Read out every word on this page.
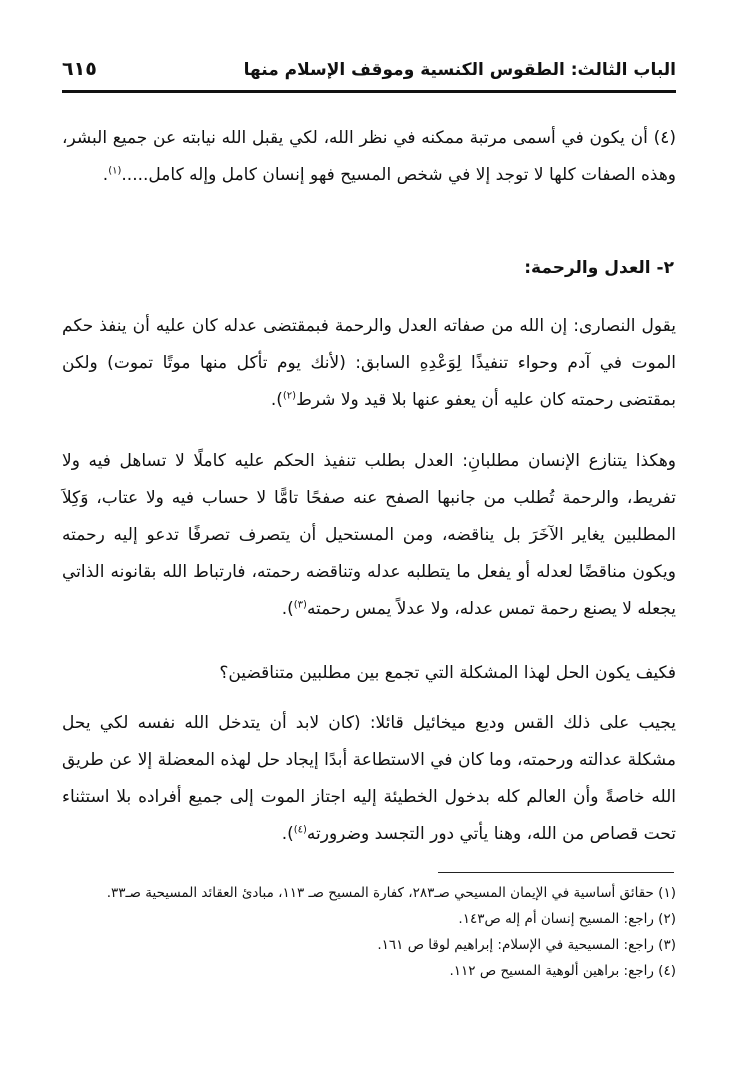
الباب الثالث: الطقوس الكنسية وموقف الإسلام منها
٦١٥
(٤) أن يكون في أسمى مرتبة ممكنه في نظر الله، لكي يقبل الله نيابته عن جميع البشر، وهذه الصفات كلها لا توجد إلا في شخص المسيح فهو إنسان كامل وإله كامل.....$^{(١)}$.
٢- العدل والرحمة:
يقول النصارى: إن الله من صفاته العدل والرحمة فبمقتضى عدله كان عليه أن ينفذ حكم الموت في آدم وحواء تنفيذًا لِوَعْدِهِ السابق: (لأنك يوم تأكل منها موتًا تموت) ولكن بمقتضى رحمته كان عليه أن يعفو عنها بلا قيد ولا شرط$^{(٢)}$).
وهكذا يتنازع الإنسان مطلبانِ: العدل بطلب تنفيذ الحكم عليه كاملًا لا تساهل فيه ولا تفريط، والرحمة تُطلب من جانبها الصفح عنه صفحًا تامًّا لا حساب فيه ولا عتاب، وَكِلاَ المطلبين يغاير الآخَرَ بل يناقضه، ومن المستحيل أن يتصرف تصرفًا تدعو إليه رحمته ويكون مناقضًا لعدله أو يفعل ما يتطلبه عدله وتناقضه رحمته، فارتباط الله بقانونه الذاتي يجعله لا يصنع رحمة تمس عدله، ولا عدلاً يمس رحمته$^{(٣)}$).
فكيف يكون الحل لهذا المشكلة التي تجمع بين مطلبين متناقضين؟
يجيب على ذلك القس وديع ميخائيل قائلا: (كان لابد أن يتدخل الله نفسه لكي يحل مشكلة عدالته ورحمته، وما كان في الاستطاعة أبدًا إيجاد حل لهذه المعضلة إلا عن طريق الله خاصةً وأن العالم كله بدخول الخطيئة إليه اجتاز الموت إلى جميع أفراده بلا استثناء تحت قصاص من الله، وهنا يأتي دور التجسد وضرورته$^{(٤)}$).
(١) حقائق أساسية في الإيمان المسيحي صـ٢٨٣، كفارة المسيح صـ ١١٣، مبادئ العقائد المسيحية صـ٣٣.
(٢) راجع: المسيح إنسان أم إله ص١٤٣.
(٣) راجع: المسيحية في الإسلام: إبراهيم لوقا ص ١٦١.
(٤) راجع: براهين ألوهية المسيح ص ١١٢.
